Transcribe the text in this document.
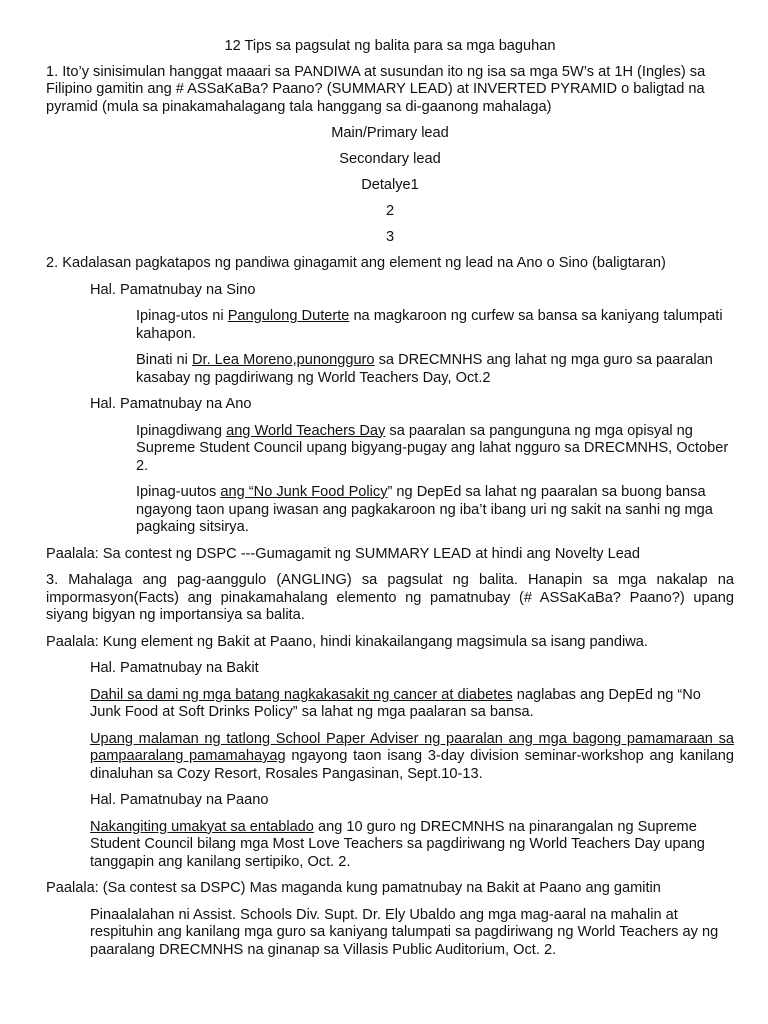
12 Tips sa pagsulat ng balita para sa mga baguhan

1. Ito’y sinisimulan hanggat maaari sa PANDIWA at susundan ito ng isa sa mga 5W’s at 1H (Ingles) sa Filipino gamitin ang # ASSaKaBa? Paano? (SUMMARY LEAD) at INVERTED PYRAMID o baligtad na pyramid (mula sa pinakamahalagang tala hanggang sa di-gaanong mahalaga)

Main/Primary lead

Secondary lead

Detalye1

2

3

2. Kadalasan pagkatapos ng pandiwa ginagamit ang element ng lead na Ano o Sino (baligtaran)

Hal. Pamatnubay na Sino

Ipinag-utos ni Pangulong Duterte na magkaroon ng curfew sa bansa sa kaniyang talumpati kahapon.

Binati ni Dr. Lea Moreno,punongguro sa DRECMNHS ang lahat ng mga guro sa paaralan kasabay ng pagdiriwang ng World Teachers Day, Oct.2

Hal. Pamatnubay na Ano

Ipinagdiwang ang World Teachers Day sa paaralan sa pangunguna ng mga opisyal ng Supreme Student Council upang bigyang-pugay ang lahat ngguro sa DRECMNHS, October 2.

Ipinag-uutos ang “No Junk Food Policy” ng DepEd sa lahat ng paaralan sa buong bansa ngayong taon upang iwasan ang pagkakaroon ng iba’t ibang uri ng sakit na sanhi ng mga pagkaing sitsirya.

Paalala: Sa contest ng DSPC ---Gumagamit ng SUMMARY LEAD at hindi ang Novelty Lead

3. Mahalaga ang pag-aanggulo (ANGLING) sa pagsulat ng balita. Hanapin sa mga nakalap na impormasyon(Facts) ang pinakamahalang elemento ng pamatnubay (# ASSaKaBa? Paano?) upang siyang bigyan ng importansiya sa balita.

Paalala: Kung element ng Bakit at Paano, hindi kinakailangang magsimula sa isang pandiwa.

Hal. Pamatnubay na Bakit

Dahil sa dami ng mga batang nagkakasakit ng cancer at diabetes naglabas ang DepEd ng “No Junk Food at Soft Drinks Policy” sa lahat ng mga paalaran sa bansa.

Upang malaman ng tatlong School Paper Adviser ng paaralan ang mga bagong pamamaraan sa pampaaralang pamamahayag ngayong taon isang 3-day division seminar-workshop ang kanilang dinaluhan sa Cozy Resort, Rosales Pangasinan, Sept.10-13.

Hal. Pamatnubay na Paano

Nakangiting umakyat sa entablado ang 10 guro ng DRECMNHS na pinarangalan ng Supreme Student Council bilang mga Most Love Teachers sa pagdiriwang ng World Teachers Day upang tanggapin ang kanilang sertipiko, Oct. 2.

Paalala: (Sa contest sa DSPC) Mas maganda kung pamatnubay na Bakit at Paano ang gamitin

Pinaalalahan ni Assist. Schools Div. Supt. Dr. Ely Ubaldo ang mga mag-aaral na mahalin at respituhin ang kanilang mga guro sa kaniyang talumpati sa pagdiriwang ng World Teachers ay ng paaralang DRECMNHS na ginanap sa Villasis Public Auditorium, Oct. 2.
